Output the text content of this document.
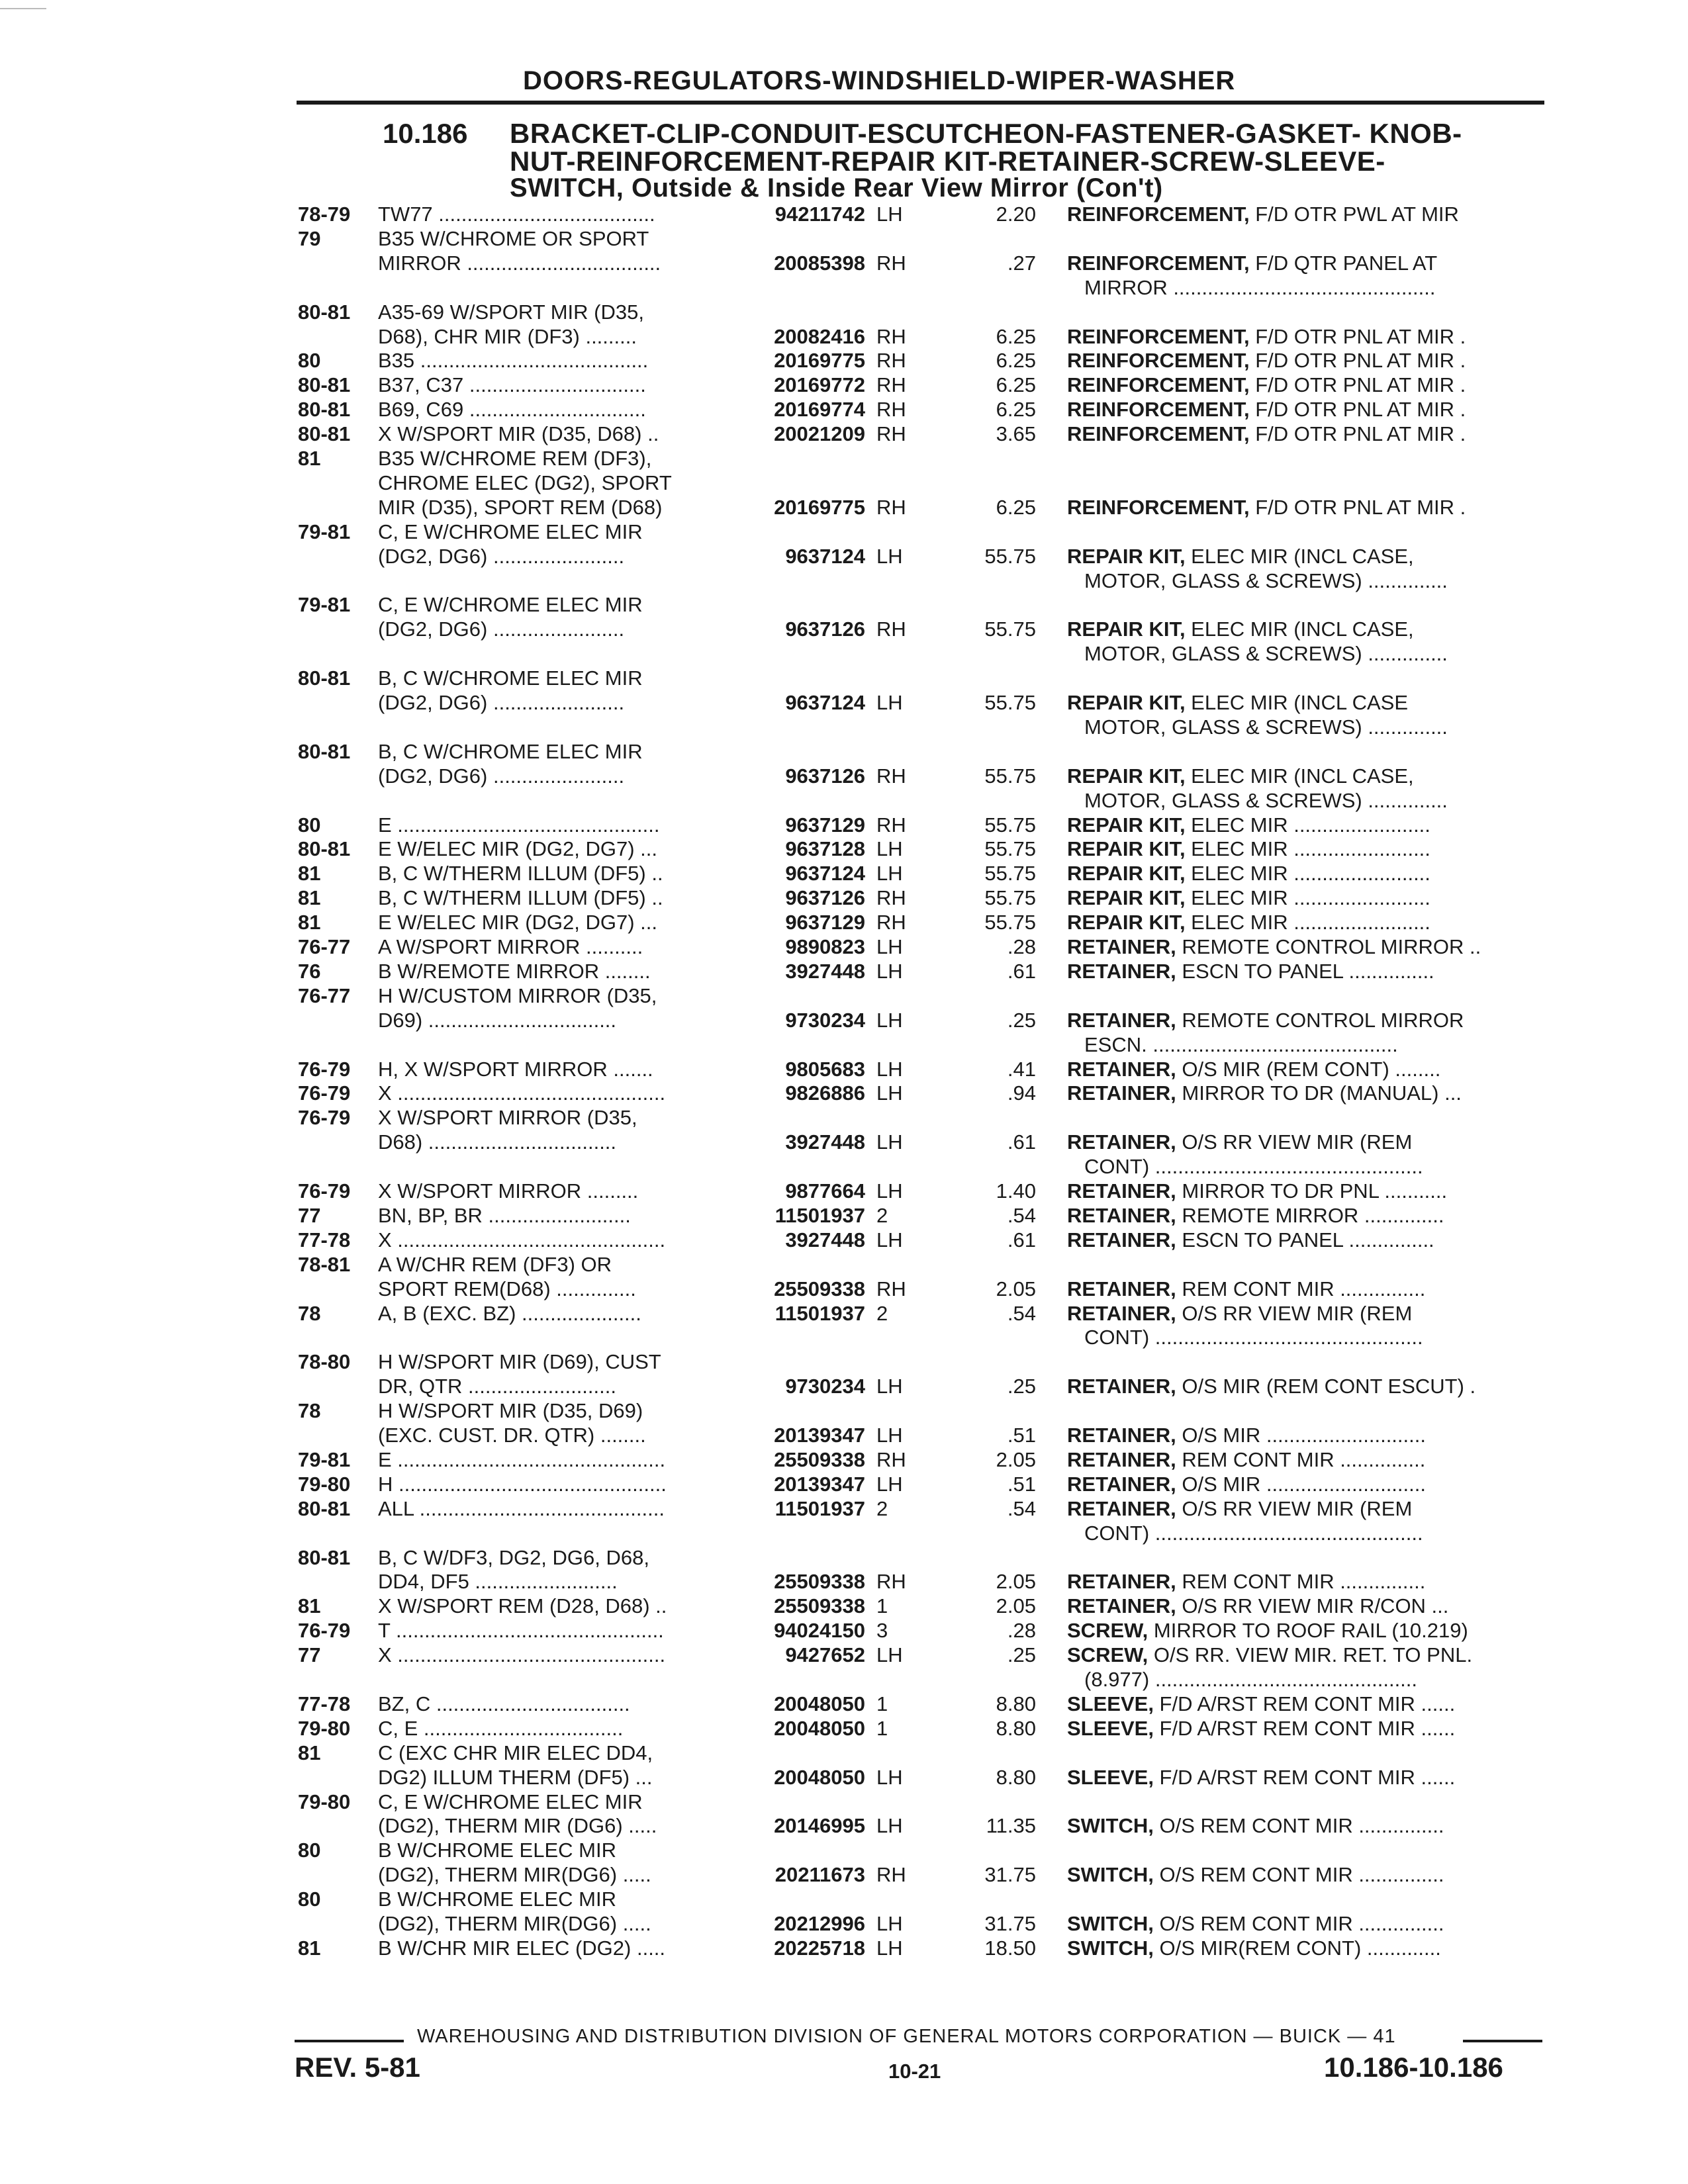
DOORS-REGULATORS-WINDSHIELD-WIPER-WASHER
10.186 BRACKET-CLIP-CONDUIT-ESCUTCHEON-FASTENER-GASKET- KNOB-
NUT-REINFORCEMENT-REPAIR KIT-RETAINER-SCREW-SLEEVE-
SWITCH, Outside & Inside Rear View Mirror (Con't)
78-79 TW77 ......................................	94211742 LH	2.20 REINFORCEMENT, F/D OTR PWL AT MIR
79	B35 W/CHROME OR SPORT
MIRROR ..................................	20085398 RH	.27 REINFORCEMENT, F/D QTR PANEL AT
MIRROR ..............................................
80-81 A35-69 W/SPORT MIR (D35,
D68), CHR MIR (DF3) .........	20082416 RH	6.25 REINFORCEMENT, F/D OTR PNL AT MIR .
80	B35 ........................................	20169775 RH	6.25 REINFORCEMENT, F/D OTR PNL AT MIR .
80-81 B37, C37 ...............................	20169772 RH	6.25 REINFORCEMENT, F/D OTR PNL AT MIR .
80-81 B69, C69 ...............................	20169774 RH	6.25 REINFORCEMENT, F/D OTR PNL AT MIR .
80-81 X W/SPORT MIR (D35, D68) ..	20021209 RH	3.65 REINFORCEMENT, F/D OTR PNL AT MIR .
81	B35 W/CHROME REM (DF3),
CHROME ELEC (DG2), SPORT
MIR (D35), SPORT REM (D68)	20169775 RH	6.25 REINFORCEMENT, F/D OTR PNL AT MIR .
79-81 C, E W/CHROME ELEC MIR
(DG2, DG6) .......................	9637124 LH	55.75 REPAIR KIT, ELEC MIR (INCL CASE,
MOTOR, GLASS & SCREWS) ..............
79-81 C, E W/CHROME ELEC MIR
(DG2, DG6) .......................	9637126 RH	55.75 REPAIR KIT, ELEC MIR (INCL CASE,
MOTOR, GLASS & SCREWS) ..............
80-81 B, C W/CHROME ELEC MIR
(DG2, DG6) .......................	9637124 LH	55.75 REPAIR KIT, ELEC MIR (INCL CASE
MOTOR, GLASS & SCREWS) ..............
80-81 B, C W/CHROME ELEC MIR
(DG2, DG6) .......................	9637126 RH	55.75 REPAIR KIT, ELEC MIR (INCL CASE,
MOTOR, GLASS & SCREWS) ..............
80	E ..............................................	9637129 RH	55.75 REPAIR KIT, ELEC MIR ........................
80-81 E W/ELEC MIR (DG2, DG7) ...	9637128 LH	55.75 REPAIR KIT, ELEC MIR ........................
81	B, C W/THERM ILLUM (DF5) ..	9637124 LH	55.75 REPAIR KIT, ELEC MIR ........................
81	B, C W/THERM ILLUM (DF5) ..	9637126 RH	55.75 REPAIR KIT, ELEC MIR ........................
81	E W/ELEC MIR (DG2, DG7) ...	9637129 RH	55.75 REPAIR KIT, ELEC MIR ........................
76-77 A W/SPORT MIRROR ..........	9890823 LH	.28 RETAINER, REMOTE CONTROL MIRROR ..
76	B W/REMOTE MIRROR ........	3927448 LH	.61 RETAINER, ESCN TO PANEL ...............
76-77 H W/CUSTOM MIRROR (D35,
D69) .................................	9730234 LH	.25 RETAINER, REMOTE CONTROL MIRROR
ESCN. ...........................................
76-79 H, X W/SPORT MIRROR .......	9805683 LH	.41 RETAINER, O/S MIR (REM CONT) ........
76-79 X ...............................................	9826886 LH	.94 RETAINER, MIRROR TO DR (MANUAL) ...
76-79 X W/SPORT MIRROR (D35,
D68) .................................	3927448 LH	.61 RETAINER, O/S RR VIEW MIR (REM
CONT) ...............................................
76-79 X W/SPORT MIRROR .........	9877664 LH	1.40 RETAINER, MIRROR TO DR PNL ...........
77	BN, BP, BR .........................	11501937 2	.54 RETAINER, REMOTE MIRROR ..............
77-78 X ...............................................	3927448 LH	.61 RETAINER, ESCN TO PANEL ...............
78-81 A W/CHR REM (DF3) OR
SPORT REM(D68) ..............	25509338 RH	2.05 RETAINER, REM CONT MIR ...............
78	A, B (EXC. BZ) .....................	11501937 2	.54 RETAINER, O/S RR VIEW MIR (REM
CONT) ...............................................
78-80 H W/SPORT MIR (D69), CUST
DR, QTR ..........................	9730234 LH	.25 RETAINER, O/S MIR (REM CONT ESCUT) .
78	H W/SPORT MIR (D35, D69)
(EXC. CUST. DR. QTR) ........	20139347 LH	.51 RETAINER, O/S MIR ............................
79-81 E ...............................................	25509338 RH	2.05 RETAINER, REM CONT MIR ...............
79-80 H ...............................................	20139347 LH	.51 RETAINER, O/S MIR ............................
80-81 ALL ...........................................	11501937 2	.54 RETAINER, O/S RR VIEW MIR (REM
CONT) ...............................................
80-81 B, C W/DF3, DG2, DG6, D68,
DD4, DF5 .........................	25509338 RH	2.05 RETAINER, REM CONT MIR ...............
81	X W/SPORT REM (D28, D68) ..	25509338 1	2.05 RETAINER, O/S RR VIEW MIR R/CON ...
76-79 T ...............................................	94024150 3	.28 SCREW, MIRROR TO ROOF RAIL (10.219)
77	X ...............................................	9427652 LH	.25 SCREW, O/S RR. VIEW MIR. RET. TO PNL.
(8.977) ..............................................
77-78 BZ, C ..................................	20048050 1	8.80 SLEEVE, F/D A/RST REM CONT MIR ......
79-80 C, E ...................................	20048050 1	8.80 SLEEVE, F/D A/RST REM CONT MIR ......
81	C (EXC CHR MIR ELEC DD4,
DG2) ILLUM THERM (DF5) ...	20048050 LH	8.80 SLEEVE, F/D A/RST REM CONT MIR ......
79-80 C, E W/CHROME ELEC MIR
(DG2), THERM MIR (DG6) .....	20146995 LH	11.35 SWITCH, O/S REM CONT MIR ...............
80	B W/CHROME ELEC MIR
(DG2), THERM MIR(DG6) .....	20211673 RH	31.75 SWITCH, O/S REM CONT MIR ...............
80	B W/CHROME ELEC MIR
(DG2), THERM MIR(DG6) .....	20212996 LH	31.75 SWITCH, O/S REM CONT MIR ...............
81	B W/CHR MIR ELEC (DG2) .....	20225718 LH	18.50 SWITCH, O/S MIR(REM CONT) .............
WAREHOUSING AND DISTRIBUTION DIVISION OF GENERAL MOTORS CORPORATION — BUICK — 41
REV. 5-81	10-21	10.186-10.186
